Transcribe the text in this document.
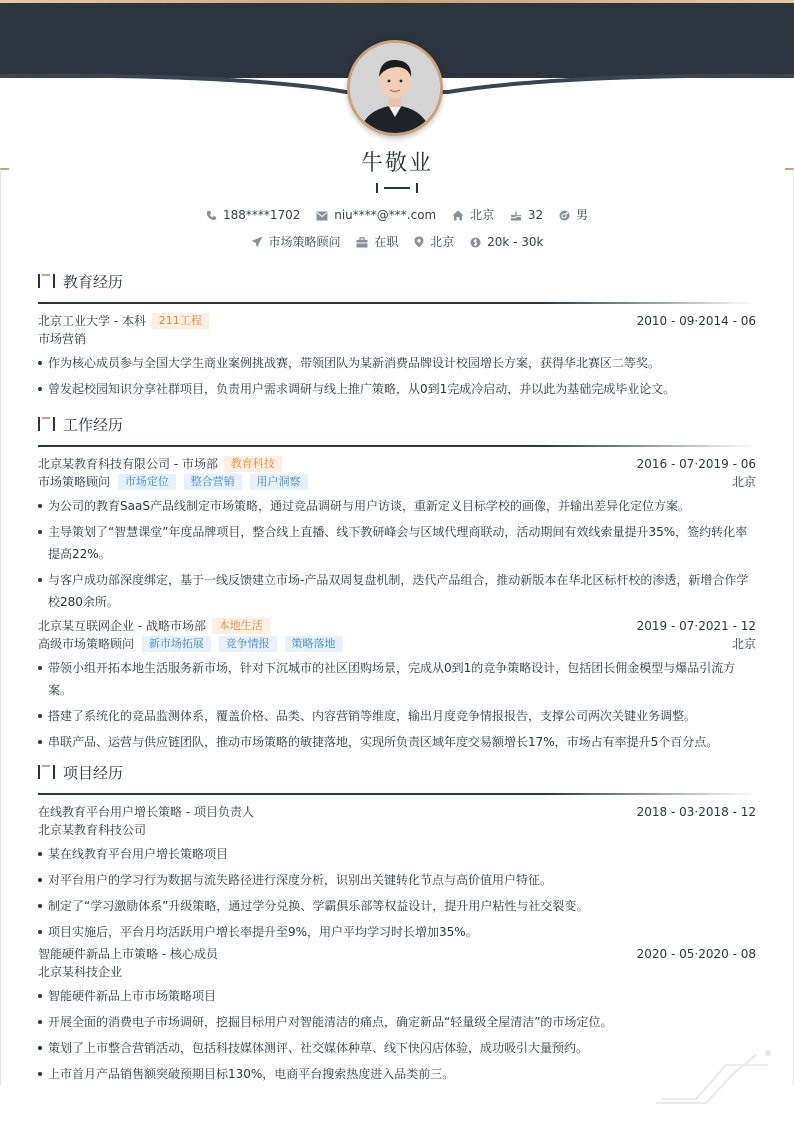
牛敬业
188****1702	niu****@***.com	北京	32	男
市场策略顾问	在职	北京	20k - 30k
教育经历
北京工业大学 - 本科 211工程	2010 - 09·2014 - 06
市场营销
作为核心成员参与全国大学生商业案例挑战赛，带领团队为某新消费品牌设计校园增长方案，获得华北赛区二等奖。
曾发起校园知识分享社群项目，负责用户需求调研与线上推广策略，从0到1完成冷启动，并以此为基础完成毕业论文。
工作经历
北京某教育科技有限公司 - 市场部 教育科技	2016 - 07·2019 - 06
市场策略顾问 市场定位 整合营销 用户洞察	北京
为公司的教育SaaS产品线制定市场策略，通过竞品调研与用户访谈，重新定义目标学校的画像，并输出差异化定位方案。
主导策划了“智慧课堂”年度品牌项目，整合线上直播、线下教研峰会与区域代理商联动，活动期间有效线索量提升35%，签约转化率提高22%。
与客户成功部深度绑定，基于一线反馈建立市场-产品双周复盘机制，迭代产品组合，推动新版本在华北区标杆校的渗透，新增合作学校280余所。
北京某互联网企业 - 战略市场部 本地生活	2019 - 07·2021 - 12
高级市场策略顾问 新市场拓展 竞争情报 策略落地	北京
带领小组开拓本地生活服务新市场，针对下沉城市的社区团购场景，完成从0到1的竞争策略设计，包括团长佣金模型与爆品引流方案。
搭建了系统化的竞品监测体系，覆盖价格、品类、内容营销等维度，输出月度竞争情报报告，支撑公司两次关键业务调整。
串联产品、运营与供应链团队，推动市场策略的敏捷落地，实现所负责区域年度交易额增长17%，市场占有率提升5个百分点。
项目经历
在线教育平台用户增长策略 - 项目负责人	2018 - 03·2018 - 12
北京某教育科技公司
某在线教育平台用户增长策略项目
对平台用户的学习行为数据与流失路径进行深度分析，识别出关键转化节点与高价值用户特征。
制定了“学习激励体系”升级策略，通过学分兑换、学霸俱乐部等权益设计，提升用户粘性与社交裂变。
项目实施后，平台月均活跃用户增长率提升至9%，用户平均学习时长增加35%。
智能硬件新品上市策略 - 核心成员	2020 - 05·2020 - 08
北京某科技企业
智能硬件新品上市市场策略项目
开展全面的消费电子市场调研，挖掘目标用户对智能清洁的痛点，确定新品“轻量级全屋清洁”的市场定位。
策划了上市整合营销活动，包括科技媒体测评、社交媒体种草、线下快闪店体验，成功吸引大量预约。
上市首月产品销售额突破预期目标130%，电商平台搜索热度进入品类前三。
